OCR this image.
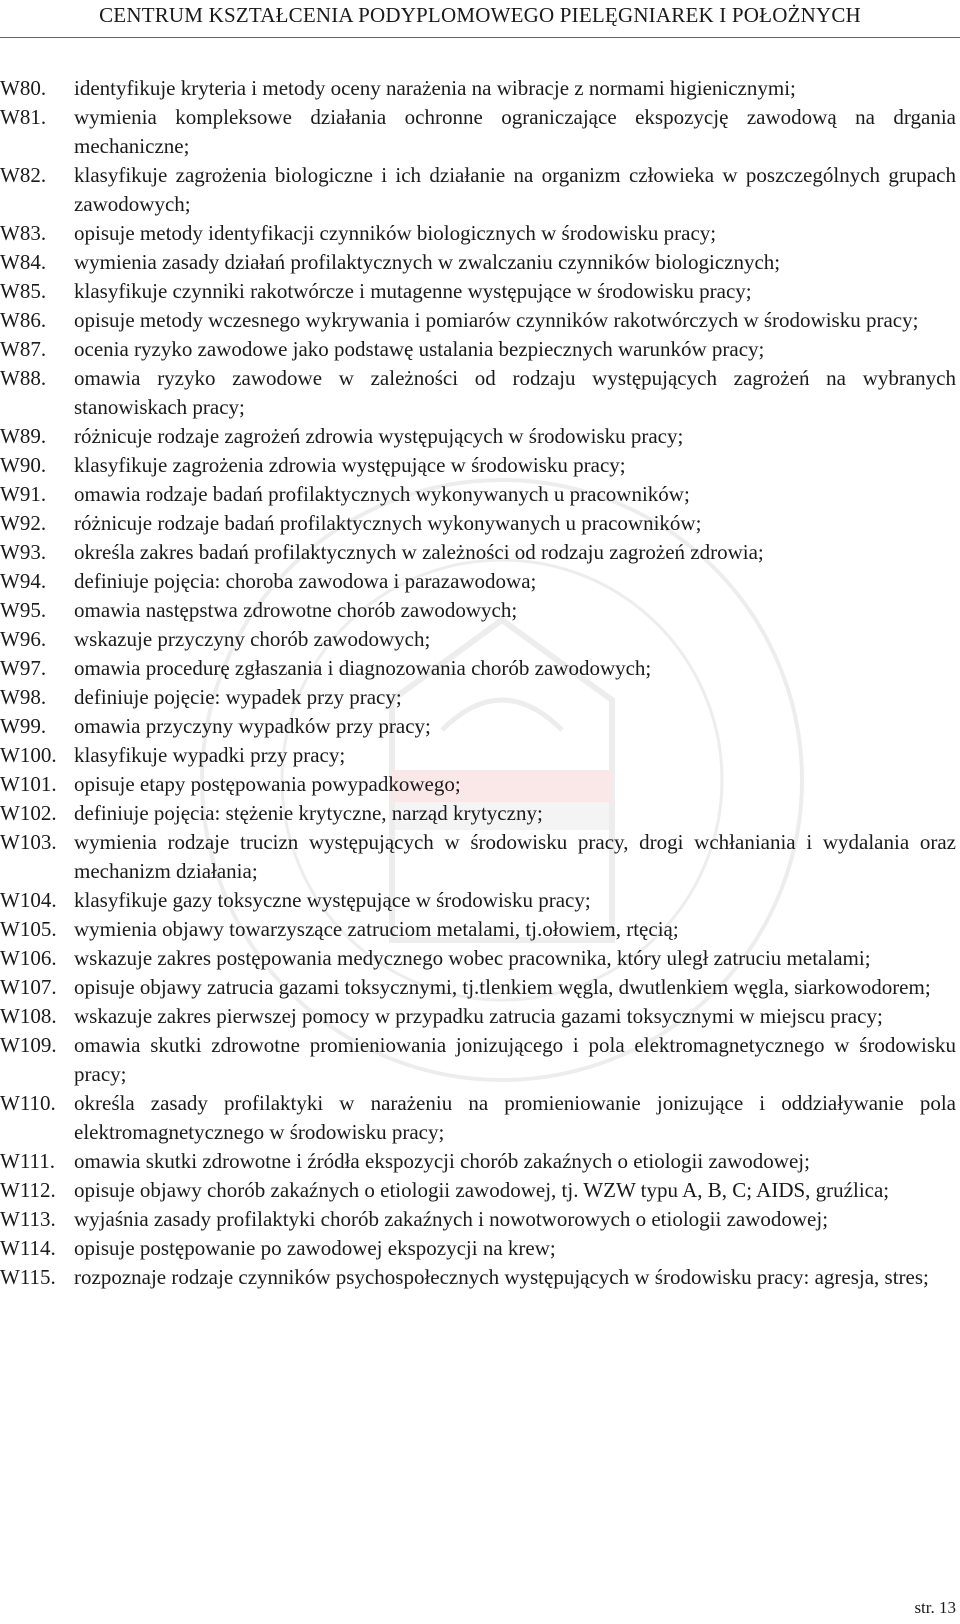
CENTRUM KSZTAŁCENIA PODYPLOMOWEGO PIELĘGNIAREK I POŁOŻNYCH
W80.	identyfikuje kryteria i metody oceny narażenia na wibracje z normami higienicznymi;
W81.	wymienia kompleksowe działania ochronne ograniczające ekspozycję zawodową na drgania mechaniczne;
W82.	klasyfikuje zagrożenia biologiczne i ich działanie na organizm człowieka w poszczególnych grupach zawodowych;
W83.	opisuje metody identyfikacji czynników biologicznych w środowisku pracy;
W84.	wymienia zasady działań profilaktycznych w zwalczaniu czynników biologicznych;
W85.	klasyfikuje czynniki rakotwórcze i mutagenne występujące w środowisku pracy;
W86.	opisuje metody wczesnego wykrywania i pomiarów czynników rakotwórczych w środowisku pracy;
W87.	ocenia ryzyko zawodowe jako podstawę ustalania bezpiecznych warunków pracy;
W88.	omawia ryzyko zawodowe w zależności od rodzaju występujących zagrożeń na wybranych stanowiskach pracy;
W89.	różnicuje rodzaje zagrożeń zdrowia występujących w środowisku pracy;
W90.	klasyfikuje zagrożenia zdrowia występujące w środowisku pracy;
W91.	omawia rodzaje badań profilaktycznych wykonywanych u pracowników;
W92.	różnicuje rodzaje badań profilaktycznych wykonywanych u pracowników;
W93.	określa zakres badań profilaktycznych w zależności od rodzaju zagrożeń zdrowia;
W94.	definiuje pojęcia: choroba zawodowa i parazawodowa;
W95.	omawia następstwa zdrowotne chorób zawodowych;
W96.	wskazuje przyczyny chorób zawodowych;
W97.	omawia procedurę zgłaszania i diagnozowania chorób zawodowych;
W98.	definiuje pojęcie: wypadek przy pracy;
W99.	omawia przyczyny wypadków przy pracy;
W100. klasyfikuje wypadki przy pracy;
W101. opisuje etapy postępowania powypadkowego;
W102. definiuje pojęcia: stężenie krytyczne, narząd krytyczny;
W103. wymienia rodzaje trucizn występujących w środowisku pracy, drogi wchłaniania i wydalania oraz mechanizm działania;
W104. klasyfikuje gazy toksyczne występujące w środowisku pracy;
W105. wymienia objawy towarzyszące zatruciom metalami, tj.ołowiem, rtęcią;
W106. wskazuje zakres postępowania medycznego wobec pracownika, który uległ zatruciu metalami;
W107. opisuje objawy zatrucia gazami toksycznymi, tj.tlenkiem węgla, dwutlenkiem węgla, siarkowodorem;
W108. wskazuje zakres pierwszej pomocy w przypadku zatrucia gazami toksycznymi w miejscu pracy;
W109. omawia skutki zdrowotne promieniowania jonizującego i pola elektromagnetycznego w środowisku pracy;
W110. określa zasady profilaktyki w narażeniu na promieniowanie jonizujące i oddziaływanie pola elektromagnetycznego w środowisku pracy;
W111. omawia skutki zdrowotne i źródła ekspozycji chorób zakaźnych o etiologii zawodowej;
W112. opisuje objawy chorób zakaźnych o etiologii zawodowej, tj. WZW typu A, B, C; AIDS, gruźlica;
W113. wyjaśnia zasady profilaktyki chorób zakaźnych i nowotworowych o etiologii zawodowej;
W114. opisuje postępowanie po zawodowej ekspozycji na krew;
W115. rozpoznaje rodzaje czynników psychospołecznych występujących w środowisku pracy: agresja, stres;
str. 13
